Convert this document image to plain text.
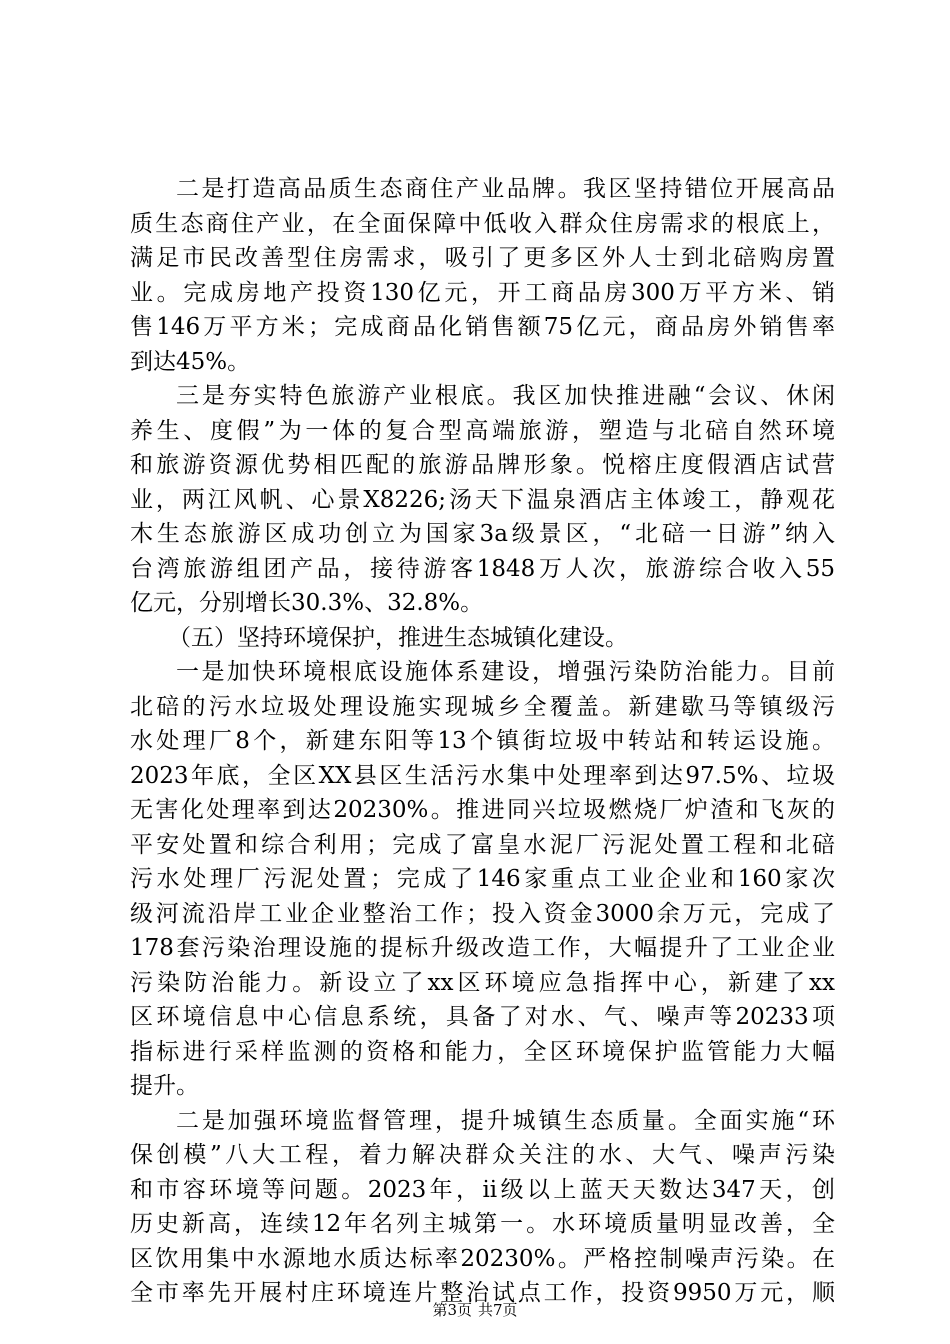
二是打造高品质生态商住产业品牌。我区坚持错位开展高品
质生态商住产业，在全面保障中低收入群众住房需求的根底上，
满足市民改善型住房需求，吸引了更多区外人士到北碚购房置
业。完成房地产投资130亿元，开工商品房300万平方米、销
售146万平方米；完成商品化销售额75亿元，商品房外销售率
到达45%。
三是夯实特色旅游产业根底。我区加快推进融“会议、休闲
养生、度假”为一体的复合型高端旅游，塑造与北碚自然环境
和旅游资源优势相匹配的旅游品牌形象。悦榕庄度假酒店试营
业，两江风帆、心景X8226;汤天下温泉酒店主体竣工，静观花
木生态旅游区成功创立为国家3a级景区，“北碚一日游”纳入
台湾旅游组团产品，接待游客1848万人次，旅游综合收入55
亿元，分别增长30.3%、32.8%。
（五）坚持环境保护，推进生态城镇化建设。
一是加快环境根底设施体系建设，增强污染防治能力。目前
北碚的污水垃圾处理设施实现城乡全覆盖。新建歇马等镇级污
水处理厂8个，新建东阳等13个镇街垃圾中转站和转运设施。
2023年底，全区XX县区生活污水集中处理率到达97.5%、垃圾
无害化处理率到达20230%。推进同兴垃圾燃烧厂炉渣和飞灰的
平安处置和综合利用；完成了富皇水泥厂污泥处置工程和北碚
污水处理厂污泥处置；完成了146家重点工业企业和160家次
级河流沿岸工业企业整治工作；投入资金3000余万元，完成了
178套污染治理设施的提标升级改造工作，大幅提升了工业企业
污染防治能力。新设立了xx区环境应急指挥中心，新建了xx
区环境信息中心信息系统，具备了对水、气、噪声等20233项
指标进行采样监测的资格和能力，全区环境保护监管能力大幅
提升。
二是加强环境监督管理，提升城镇生态质量。全面实施“环
保创模”八大工程，着力解决群众关注的水、大气、噪声污染
和市容环境等问题。2023年，ii级以上蓝天天数达347天，创
历史新高，连续12年名列主城第一。水环境质量明显改善，全
区饮用集中水源地水质达标率20230%。严格控制噪声污染。在
全市率先开展村庄环境连片整治试点工作，投资9950万元，顺
第3页 共7页
